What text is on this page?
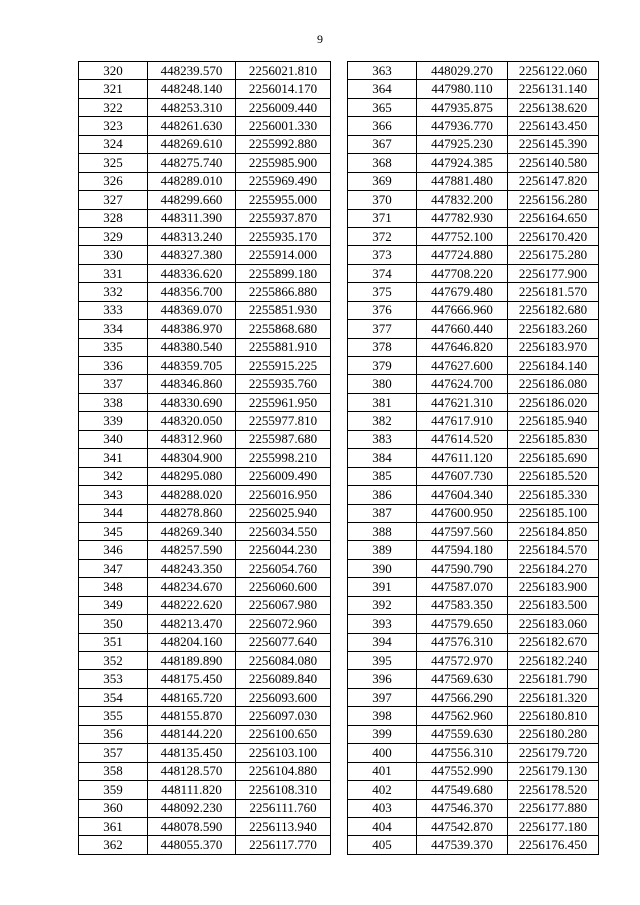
9
320	448239.570	2256021.810
321	448248.140	2256014.170
322	448253.310	2256009.440
323	448261.630	2256001.330
324	448269.610	2255992.880
325	448275.740	2255985.900
326	448289.010	2255969.490
327	448299.660	2255955.000
328	448311.390	2255937.870
329	448313.240	2255935.170
330	448327.380	2255914.000
331	448336.620	2255899.180
332	448356.700	2255866.880
333	448369.070	2255851.930
334	448386.970	2255868.680
335	448380.540	2255881.910
336	448359.705	2255915.225
337	448346.860	2255935.760
338	448330.690	2255961.950
339	448320.050	2255977.810
340	448312.960	2255987.680
341	448304.900	2255998.210
342	448295.080	2256009.490
343	448288.020	2256016.950
344	448278.860	2256025.940
345	448269.340	2256034.550
346	448257.590	2256044.230
347	448243.350	2256054.760
348	448234.670	2256060.600
349	448222.620	2256067.980
350	448213.470	2256072.960
351	448204.160	2256077.640
352	448189.890	2256084.080
353	448175.450	2256089.840
354	448165.720	2256093.600
355	448155.870	2256097.030
356	448144.220	2256100.650
357	448135.450	2256103.100
358	448128.570	2256104.880
359	448111.820	2256108.310
360	448092.230	2256111.760
361	448078.590	2256113.940
362	448055.370	2256117.770
363	448029.270	2256122.060
364	447980.110	2256131.140
365	447935.875	2256138.620
366	447936.770	2256143.450
367	447925.230	2256145.390
368	447924.385	2256140.580
369	447881.480	2256147.820
370	447832.200	2256156.280
371	447782.930	2256164.650
372	447752.100	2256170.420
373	447724.880	2256175.280
374	447708.220	2256177.900
375	447679.480	2256181.570
376	447666.960	2256182.680
377	447660.440	2256183.260
378	447646.820	2256183.970
379	447627.600	2256184.140
380	447624.700	2256186.080
381	447621.310	2256186.020
382	447617.910	2256185.940
383	447614.520	2256185.830
384	447611.120	2256185.690
385	447607.730	2256185.520
386	447604.340	2256185.330
387	447600.950	2256185.100
388	447597.560	2256184.850
389	447594.180	2256184.570
390	447590.790	2256184.270
391	447587.070	2256183.900
392	447583.350	2256183.500
393	447579.650	2256183.060
394	447576.310	2256182.670
395	447572.970	2256182.240
396	447569.630	2256181.790
397	447566.290	2256181.320
398	447562.960	2256180.810
399	447559.630	2256180.280
400	447556.310	2256179.720
401	447552.990	2256179.130
402	447549.680	2256178.520
403	447546.370	2256177.880
404	447542.870	2256177.180
405	447539.370	2256176.450
